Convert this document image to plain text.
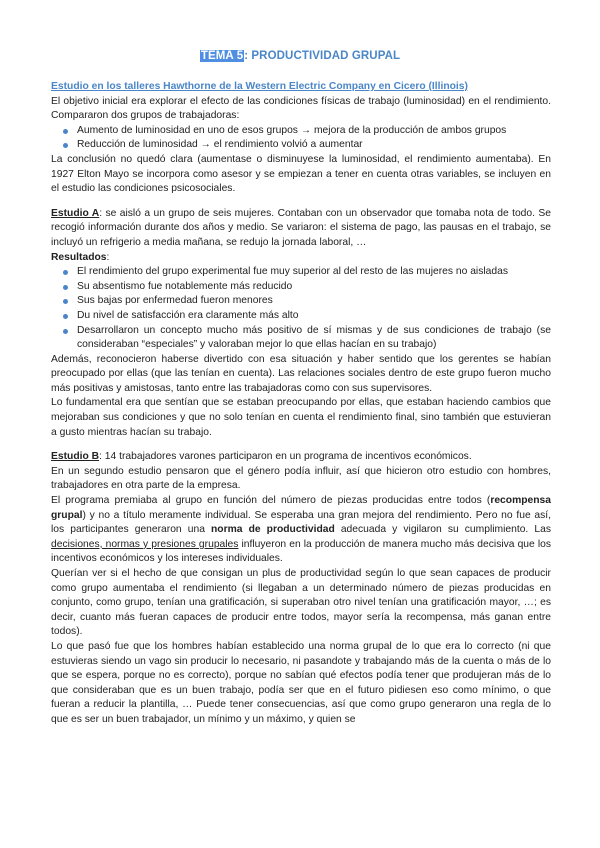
TEMA 5: PRODUCTIVIDAD GRUPAL

Estudio en los talleres Hawthorne de la Western Electric Company en Cicero (Illinois)

El objetivo inicial era explorar el efecto de las condiciones físicas de trabajo (luminosidad) en el rendimiento. Compararon dos grupos de trabajadoras:

Aumento de luminosidad en uno de esos grupos → mejora de la producción de ambos grupos
Reducción de luminosidad → el rendimiento volvió a aumentar

La conclusión no quedó clara (aumentase o disminuyese la luminosidad, el rendimiento aumentaba). En 1927 Elton Mayo se incorpora como asesor y se empiezan a tener en cuenta otras variables, se incluyen en el estudio las condiciones psicosociales.

Estudio A: se aisló a un grupo de seis mujeres. Contaban con un observador que tomaba nota de todo. Se recogió información durante dos años y medio. Se variaron: el sistema de pago, las pausas en el trabajo, se incluyó un refrigerio a media mañana, se redujo la jornada laboral, …

Resultados:

El rendimiento del grupo experimental fue muy superior al del resto de las mujeres no aisladas
Su absentismo fue notablemente más reducido
Sus bajas por enfermedad fueron menores
Du nivel de satisfacción era claramente más alto
Desarrollaron un concepto mucho más positivo de sí mismas y de sus condiciones de trabajo (se consideraban “especiales” y valoraban mejor lo que ellas hacían en su trabajo)

Además, reconocieron haberse divertido con esa situación y haber sentido que los gerentes se habían preocupado por ellas (que las tenían en cuenta). Las relaciones sociales dentro de este grupo fueron mucho más positivas y amistosas, tanto entre las trabajadoras como con sus supervisores.

Lo fundamental era que sentían que se estaban preocupando por ellas, que estaban haciendo cambios que mejoraban sus condiciones y que no solo tenían en cuenta el rendimiento final, sino también que estuvieran a gusto mientras hacían su trabajo.

Estudio B: 14 trabajadores varones participaron en un programa de incentivos económicos.

En un segundo estudio pensaron que el género podía influir, así que hicieron otro estudio con hombres, trabajadores en otra parte de la empresa.

El programa premiaba al grupo en función del número de piezas producidas entre todos (recompensa grupal) y no a título meramente individual. Se esperaba una gran mejora del rendimiento. Pero no fue así, los participantes generaron una norma de productividad adecuada y vigilaron su cumplimiento. Las decisiones, normas y presiones grupales influyeron en la producción de manera mucho más decisiva que los incentivos económicos y los intereses individuales.

Querían ver si el hecho de que consigan un plus de productividad según lo que sean capaces de producir como grupo aumentaba el rendimiento (si llegaban a un determinado número de piezas producidas en conjunto, como grupo, tenían una gratificación, si superaban otro nivel tenían una gratificación mayor, …; es decir, cuanto más fueran capaces de producir entre todos, mayor sería la recompensa, más ganan entre todos).

Lo que pasó fue que los hombres habían establecido una norma grupal de lo que era lo correcto (ni que estuvieras siendo un vago sin producir lo necesario, ni pasandote y trabajando más de la cuenta o más de lo que se espera, porque no es correcto), porque no sabían qué efectos podía tener que produjeran más de lo que consideraban que es un buen trabajo, podía ser que en el futuro pidiesen eso como mínimo, o que fueran a reducir la plantilla, … Puede tener consecuencias, así que como grupo generaron una regla de lo que es ser un buen trabajador, un mínimo y un máximo, y quien se
